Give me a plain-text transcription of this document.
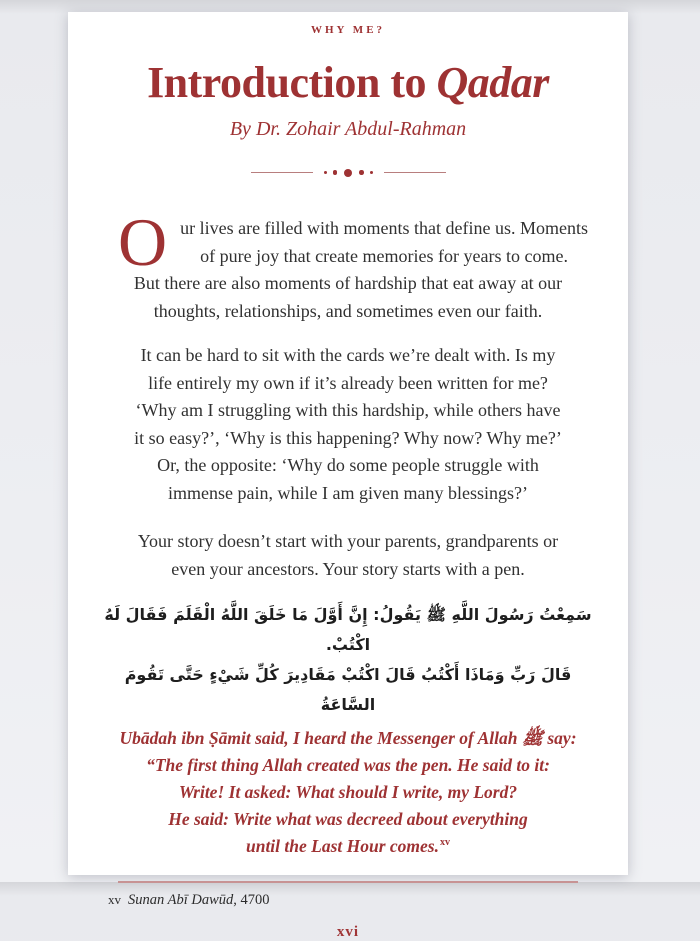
WHY ME?
Introduction to Qadar
By Dr. Zohair Abdul-Rahman
O ur lives are filled with moments that define us. Moments
of pure joy that create memories for years to come.
But there are also moments of hardship that eat away at our
thoughts, relationships, and sometimes even our faith.
It can be hard to sit with the cards we’re dealt with. Is my
life entirely my own if it’s already been written for me?
‘Why am I struggling with this hardship, while others have
it so easy?’, ‘Why is this happening? Why now? Why me?’
Or, the opposite: ‘Why do some people struggle with
immense pain, while I am given many blessings?’
Your story doesn’t start with your parents, grandparents or
even your ancestors. Your story starts with a pen.
سَمِعْتُ رَسُولَ اللَّهِ ﷺ يَقُولُ: إِنَّ أَوَّلَ مَا خَلَقَ اللَّهُ الْقَلَمَ فَقَالَ لَهُ اكْتُبْ.
قَالَ رَبِّ وَمَاذَا أَكْتُبُ قَالَ اكْتُبْ مَقَادِيرَ كُلِّ شَيْءٍ حَتَّى تَقُومَ السَّاعَةُ
Ubādah ibn Ṣāmit said, I heard the Messenger of Allah ﷺ say:
“The first thing Allah created was the pen. He said to it:
Write! It asked: What should I write, my Lord?
He said: Write what was decreed about everything
until the Last Hour comes.$^{xv}$
xv Sunan Abī Dawūd, 4700
xvi
